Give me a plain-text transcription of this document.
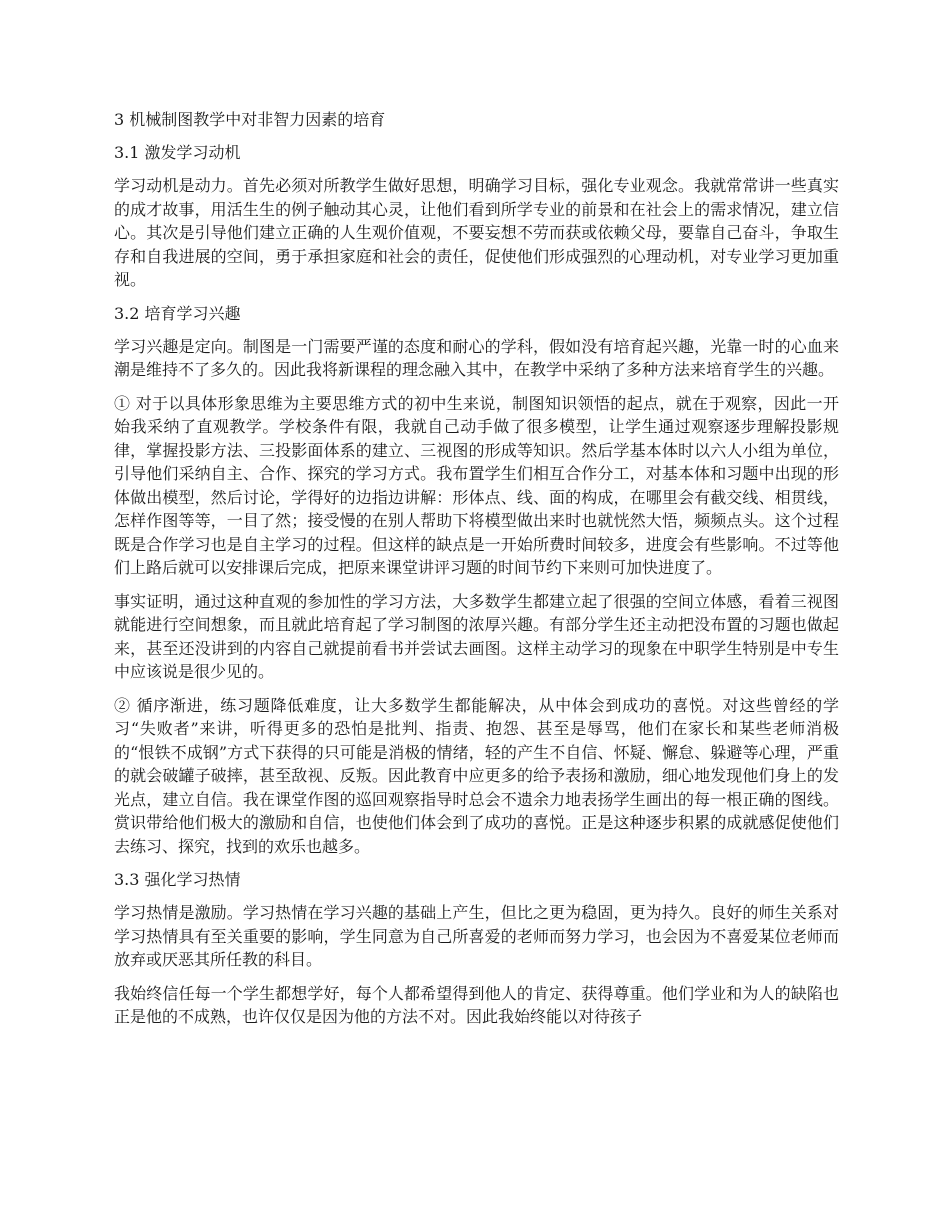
3 机械制图教学中对非智力因素的培育
3.1 激发学习动机

学习动机是动力。首先必须对所教学生做好思想，明确学习目标，强化专业观念。我就常常讲一些真实的成才故事，用活生生的例子触动其心灵，让他们看到所学专业的前景和在社会上的需求情况，建立信心。其次是引导他们建立正确的人生观价值观，不要妄想不劳而获或依赖父母，要靠自己奋斗，争取生存和自我进展的空间，勇于承担家庭和社会的责任，促使他们形成强烈的心理动机，对专业学习更加重视。

3.2 培育学习兴趣

学习兴趣是定向。制图是一门需要严谨的态度和耐心的学科，假如没有培育起兴趣，光靠一时的心血来潮是维持不了多久的。因此我将新课程的理念融入其中，在教学中采纳了多种方法来培育学生的兴趣。

① 对于以具体形象思维为主要思维方式的初中生来说，制图知识领悟的起点，就在于观察，因此一开始我采纳了直观教学。学校条件有限，我就自己动手做了很多模型，让学生通过观察逐步理解投影规律，掌握投影方法、三投影面体系的建立、三视图的形成等知识。然后学基本体时以六人小组为单位，引导他们采纳自主、合作、探究的学习方式。我布置学生们相互合作分工，对基本体和习题中出现的形体做出模型，然后讨论，学得好的边指边讲解：形体点、线、面的构成，在哪里会有截交线、相贯线，怎样作图等等，一目了然；接受慢的在别人帮助下将模型做出来时也就恍然大悟，频频点头。这个过程既是合作学习也是自主学习的过程。但这样的缺点是一开始所费时间较多，进度会有些影响。不过等他们上路后就可以安排课后完成，把原来课堂讲评习题的时间节约下来则可加快进度了。

事实证明，通过这种直观的参加性的学习方法，大多数学生都建立起了很强的空间立体感，看着三视图就能进行空间想象，而且就此培育起了学习制图的浓厚兴趣。有部分学生还主动把没布置的习题也做起来，甚至还没讲到的内容自己就提前看书并尝试去画图。这样主动学习的现象在中职学生特别是中专生中应该说是很少见的。

② 循序渐进，练习题降低难度，让大多数学生都能解决，从中体会到成功的喜悦。对这些曾经的学习“失败者”来讲，听得更多的恐怕是批判、指责、抱怨、甚至是辱骂，他们在家长和某些老师消极的“恨铁不成钢”方式下获得的只可能是消极的情绪，轻的产生不自信、怀疑、懈怠、躲避等心理，严重的就会破罐子破摔，甚至敌视、反叛。因此教育中应更多的给予表扬和激励，细心地发现他们身上的发光点，建立自信。我在课堂作图的巡回观察指导时总会不遗余力地表扬学生画出的每一根正确的图线。赏识带给他们极大的激励和自信，也使他们体会到了成功的喜悦。正是这种逐步积累的成就感促使他们去练习、探究，找到的欢乐也越多。

3.3 强化学习热情

学习热情是激励。学习热情在学习兴趣的基础上产生，但比之更为稳固，更为持久。良好的师生关系对学习热情具有至关重要的影响，学生同意为自己所喜爱的老师而努力学习，也会因为不喜爱某位老师而放弃或厌恶其所任教的科目。

我始终信任每一个学生都想学好，每个人都希望得到他人的肯定、获得尊重。他们学业和为人的缺陷也正是他的不成熟，也许仅仅是因为他的方法不对。因此我始终能以对待孩子
